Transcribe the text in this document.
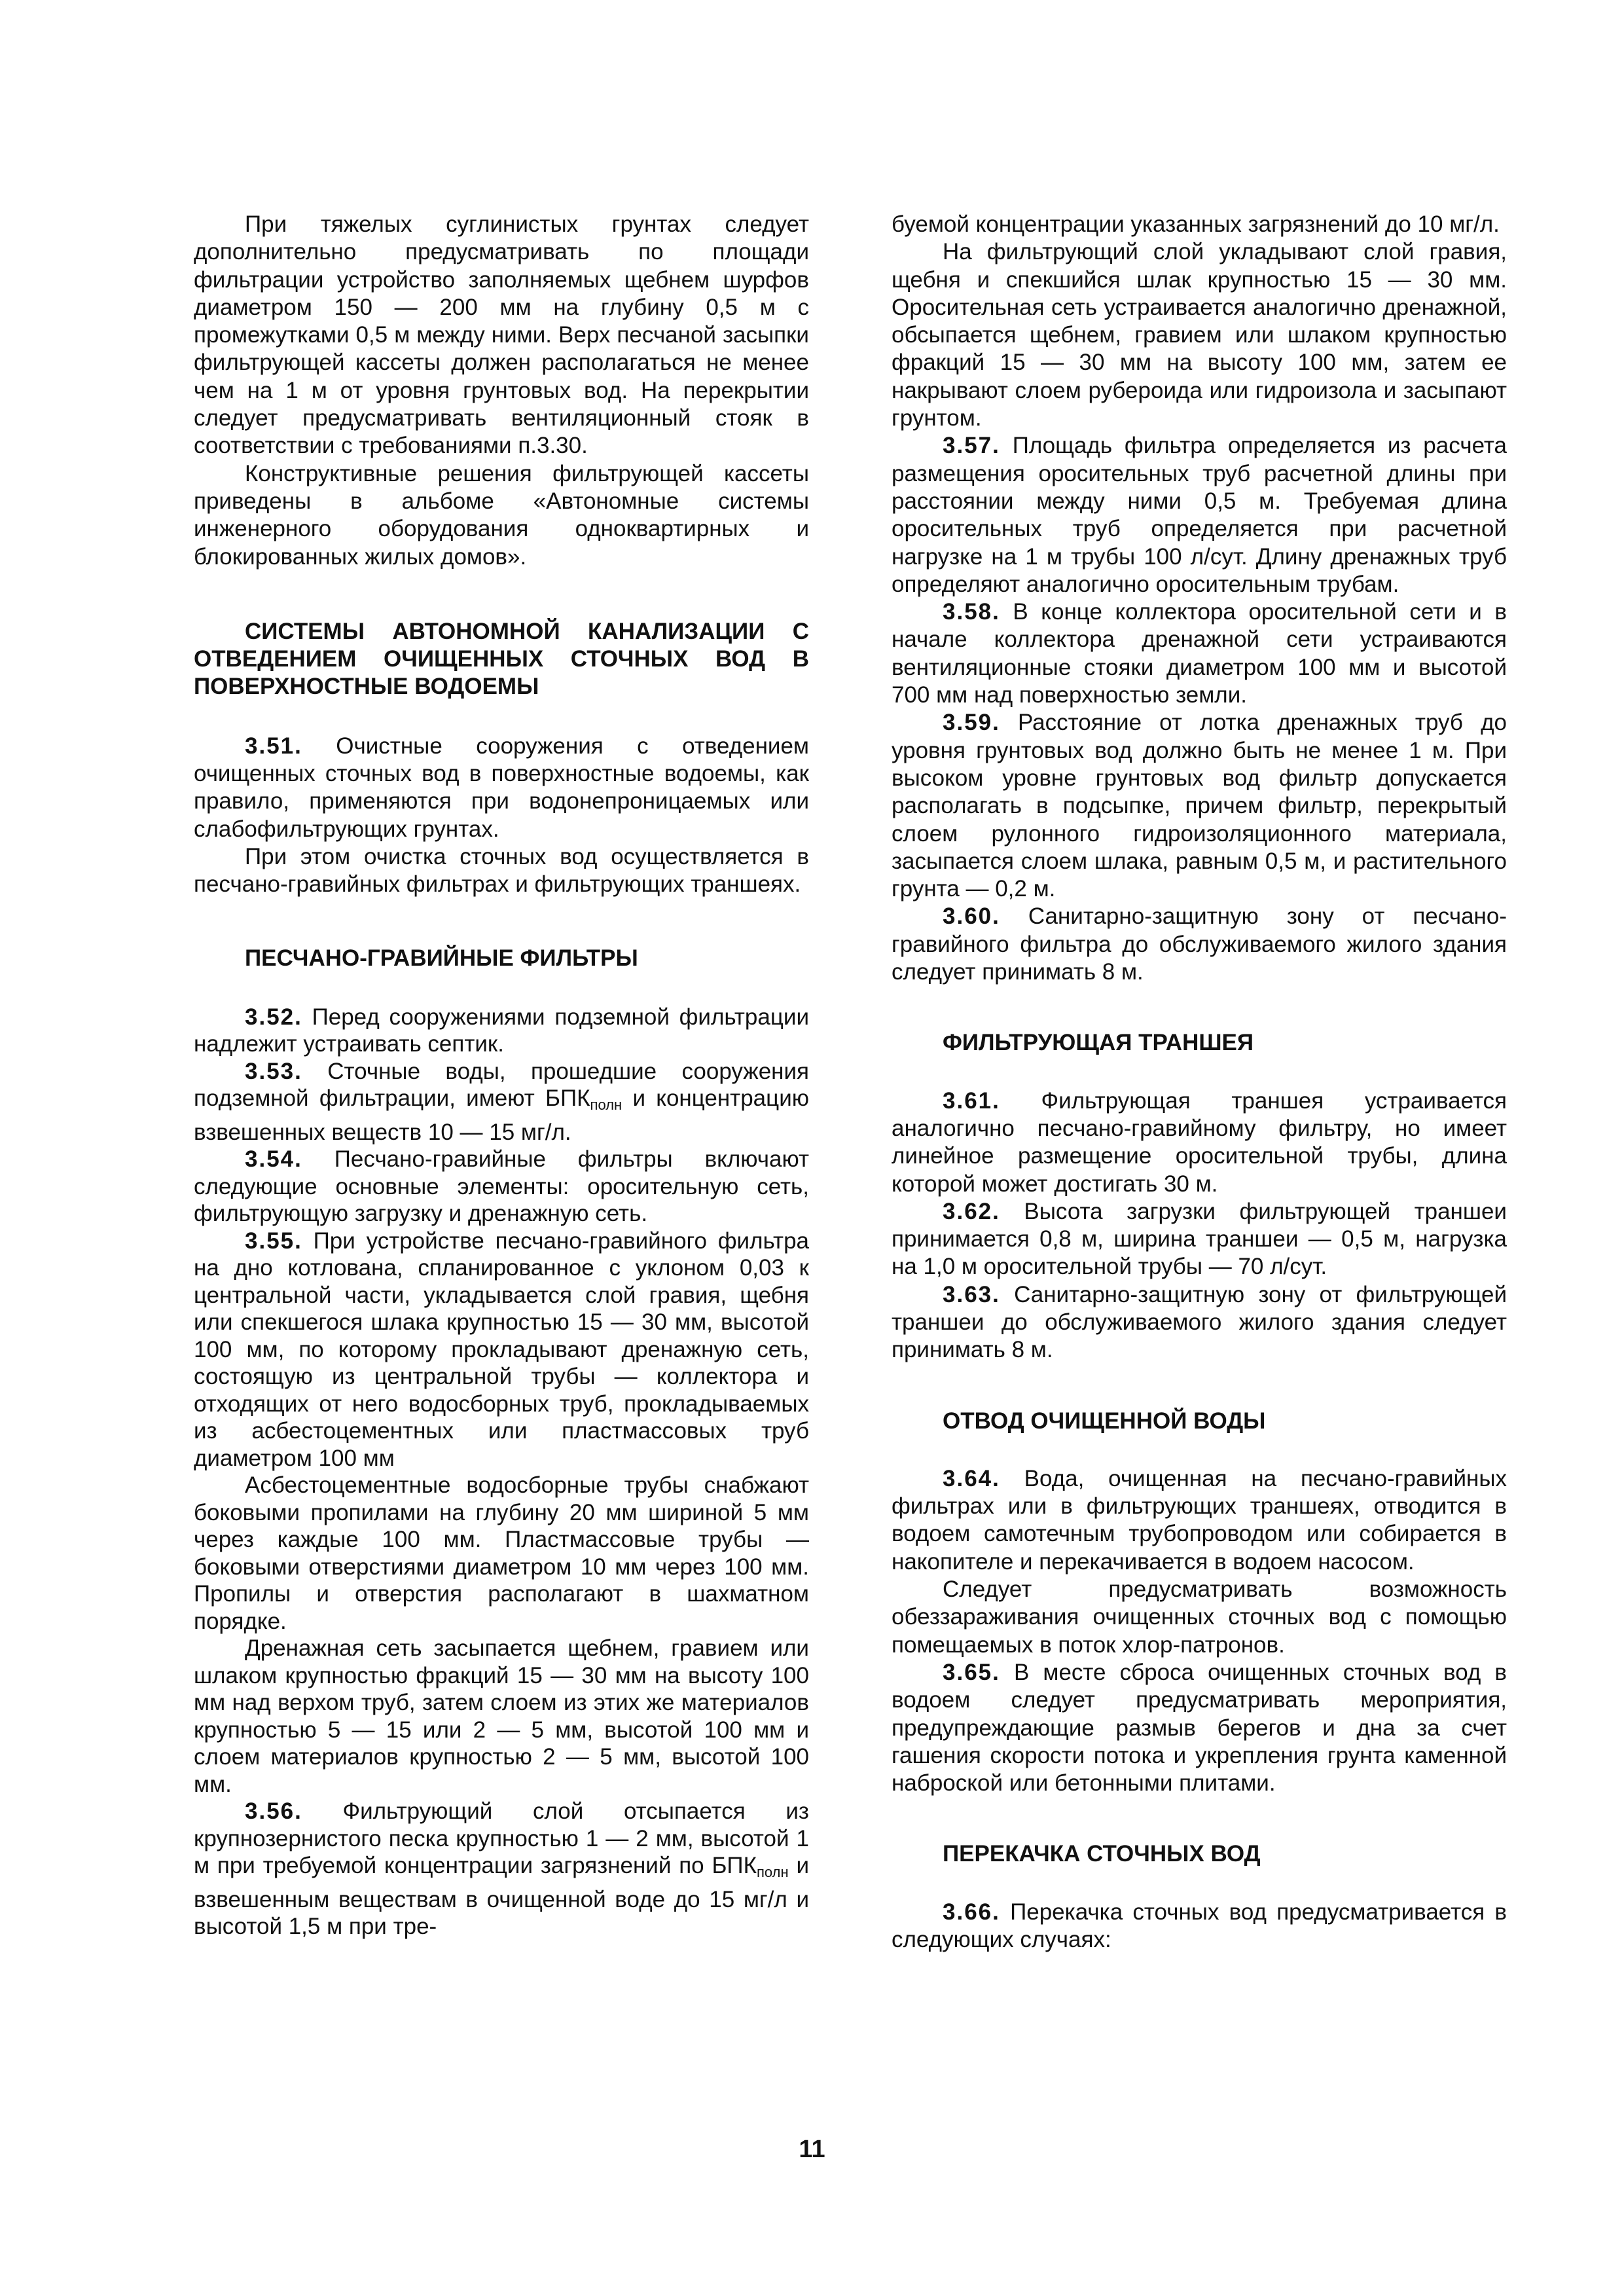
При тяжелых суглинистых грунтах следует дополнительно предусматривать по площади фильтрации устройство заполняемых щебнем шурфов диаметром 150 — 200 мм на глубину 0,5 м с промежутками 0,5 м между ними. Верх песчаной засыпки фильтрующей кассеты должен располагаться не менее чем на 1 м от уровня грунтовых вод. На перекрытии следует предусматривать вентиляционный стояк в соответствии с требованиями п.3.30.

Конструктивные решения фильтрующей кассеты приведены в альбоме «Автономные системы инженерного оборудования одноквартирных и блокированных жилых домов».

СИСТЕМЫ АВТОНОМНОЙ КАНАЛИЗАЦИИ С ОТВЕДЕНИЕМ ОЧИЩЕННЫХ СТОЧНЫХ ВОД В ПОВЕРХНОСТНЫЕ ВОДОЕМЫ

3.51. Очистные сооружения с отведением очищенных сточных вод в поверхностные водоемы, как правило, применяются при водонепроницаемых или слабофильтрующих грунтах.

При этом очистка сточных вод осуществляется в песчано-гравийных фильтрах и фильтрующих траншеях.

ПЕСЧАНО-ГРАВИЙНЫЕ ФИЛЬТРЫ

3.52. Перед сооружениями подземной фильтрации надлежит устраивать септик.

3.53. Сточные воды, прошедшие сооружения подземной фильтрации, имеют $БПК_{полн}$ и концентрацию взвешенных веществ 10 — 15 мг/л.

3.54. Песчано-гравийные фильтры включают следующие основные элементы: оросительную сеть, фильтрующую загрузку и дренажную сеть.

3.55. При устройстве песчано-гравийного фильтра на дно котлована, спланированное с уклоном 0,03 к центральной части, укладывается слой гравия, щебня или спекшегося шлака крупностью 15 — 30 мм, высотой 100 мм, по которому прокладывают дренажную сеть, состоящую из центральной трубы — коллектора и отходящих от него водосборных труб, прокладываемых из асбестоцементных или пластмассовых труб диаметром 100 мм

Асбестоцементные водосборные трубы снабжают боковыми пропилами на глубину 20 мм шириной 5 мм через каждые 100 мм. Пластмассовые трубы — боковыми отверстиями диаметром 10 мм через 100 мм. Пропилы и отверстия располагают в шахматном порядке.

Дренажная сеть засыпается щебнем, гравием или шлаком крупностью фракций 15 — 30 мм на высоту 100 мм над верхом труб, затем слоем из этих же материалов крупностью 5 — 15 или 2 — 5 мм, высотой 100 мм и слоем материалов крупностью 2 — 5 мм, высотой 100 мм.

3.56. Фильтрующий слой отсыпается из крупнозернистого песка крупностью 1 — 2 мм, высотой 1 м при требуемой концентрации загрязнений по $БПК_{полн}$ и взвешенным веществам в очищенной воде до 15 мг/л и высотой 1,5 м при тре-

буемой концентрации указанных загрязнений до 10 мг/л.

На фильтрующий слой укладывают слой гравия, щебня и спекшийся шлак крупностью 15 — 30 мм. Оросительная сеть устраивается аналогично дренажной, обсыпается щебнем, гравием или шлаком крупностью фракций 15 — 30 мм на высоту 100 мм, затем ее накрывают слоем рубероида или гидроизола и засыпают грунтом.

3.57. Площадь фильтра определяется из расчета размещения оросительных труб расчетной длины при расстоянии между ними 0,5 м. Требуемая длина оросительных труб определяется при расчетной нагрузке на 1 м трубы 100 л/сут. Длину дренажных труб определяют аналогично оросительным трубам.

3.58. В конце коллектора оросительной сети и в начале коллектора дренажной сети устраиваются вентиляционные стояки диаметром 100 мм и высотой 700 мм над поверхностью земли.

3.59. Расстояние от лотка дренажных труб до уровня грунтовых вод должно быть не менее 1 м. При высоком уровне грунтовых вод фильтр допускается располагать в подсыпке, причем фильтр, перекрытый слоем рулонного гидроизоляционного материала, засыпается слоем шлака, равным 0,5 м, и растительного грунта — 0,2 м.

3.60. Санитарно-защитную зону от песчано-гравийного фильтра до обслуживаемого жилого здания следует принимать 8 м.

ФИЛЬТРУЮЩАЯ ТРАНШЕЯ

3.61. Фильтрующая траншея устраивается аналогично песчано-гравийному фильтру, но имеет линейное размещение оросительной трубы, длина которой может достигать 30 м.

3.62. Высота загрузки фильтрующей траншеи принимается 0,8 м, ширина траншеи — 0,5 м, нагрузка на 1,0 м оросительной трубы — 70 л/сут.

3.63. Санитарно-защитную зону от фильтрующей траншеи до обслуживаемого жилого здания следует принимать 8 м.

ОТВОД ОЧИЩЕННОЙ ВОДЫ

3.64. Вода, очищенная на песчано-гравийных фильтрах или в фильтрующих траншеях, отводится в водоем самотечным трубопроводом или собирается в накопителе и перекачивается в водоем насосом.

Следует предусматривать возможность обеззараживания очищенных сточных вод с помощью помещаемых в поток хлор-патронов.

3.65. В месте сброса очищенных сточных вод в водоем следует предусматривать мероприятия, предупреждающие размыв берегов и дна за счет гашения скорости потока и укрепления грунта каменной наброской или бетонными плитами.

ПЕРЕКАЧКА СТОЧНЫХ ВОД

3.66. Перекачка сточных вод предусматривается в следующих случаях:

11
